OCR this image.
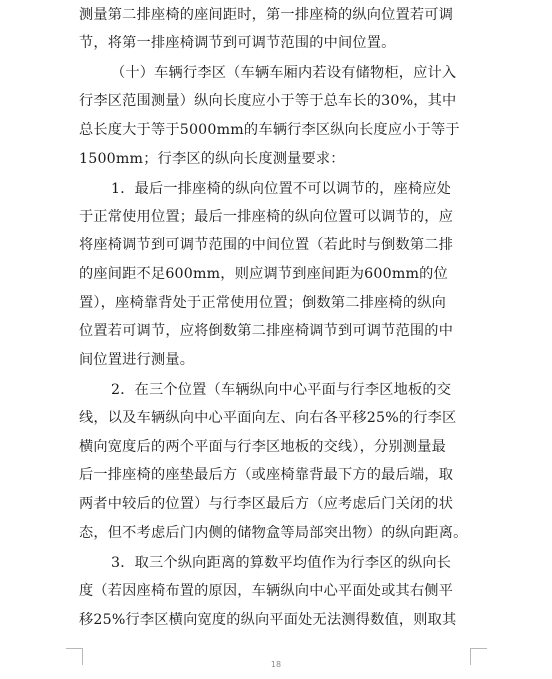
测量第二排座椅的座间距时，第一排座椅的纵向位置若可调
节，将第一排座椅调节到可调节范围的中间位置。
（十）车辆行李区（车辆车厢内若设有储物柜，应计入
行李区范围测量）纵向长度应小于等于总车长的30%，其中
总长度大于等于5000mm的车辆行李区纵向长度应小于等于
1500mm；行李区的纵向长度测量要求：
1．最后一排座椅的纵向位置不可以调节的，座椅应处
于正常使用位置；最后一排座椅的纵向位置可以调节的，应
将座椅调节到可调节范围的中间位置（若此时与倒数第二排
的座间距不足600mm，则应调节到座间距为600mm的位
置），座椅靠背处于正常使用位置；倒数第二排座椅的纵向
位置若可调节，应将倒数第二排座椅调节到可调节范围的中
间位置进行测量。
2．在三个位置（车辆纵向中心平面与行李区地板的交
线，以及车辆纵向中心平面向左、向右各平移25%的行李区
横向宽度后的两个平面与行李区地板的交线），分别测量最
后一排座椅的座垫最后方（或座椅靠背最下方的最后端，取
两者中较后的位置）与行李区最后方（应考虑后门关闭的状
态，但不考虑后门内侧的储物盒等局部突出物）的纵向距离。
3．取三个纵向距离的算数平均值作为行李区的纵向长
度（若因座椅布置的原因，车辆纵向中心平面处或其右侧平
移25%行李区横向宽度的纵向平面处无法测得数值，则取其
18
